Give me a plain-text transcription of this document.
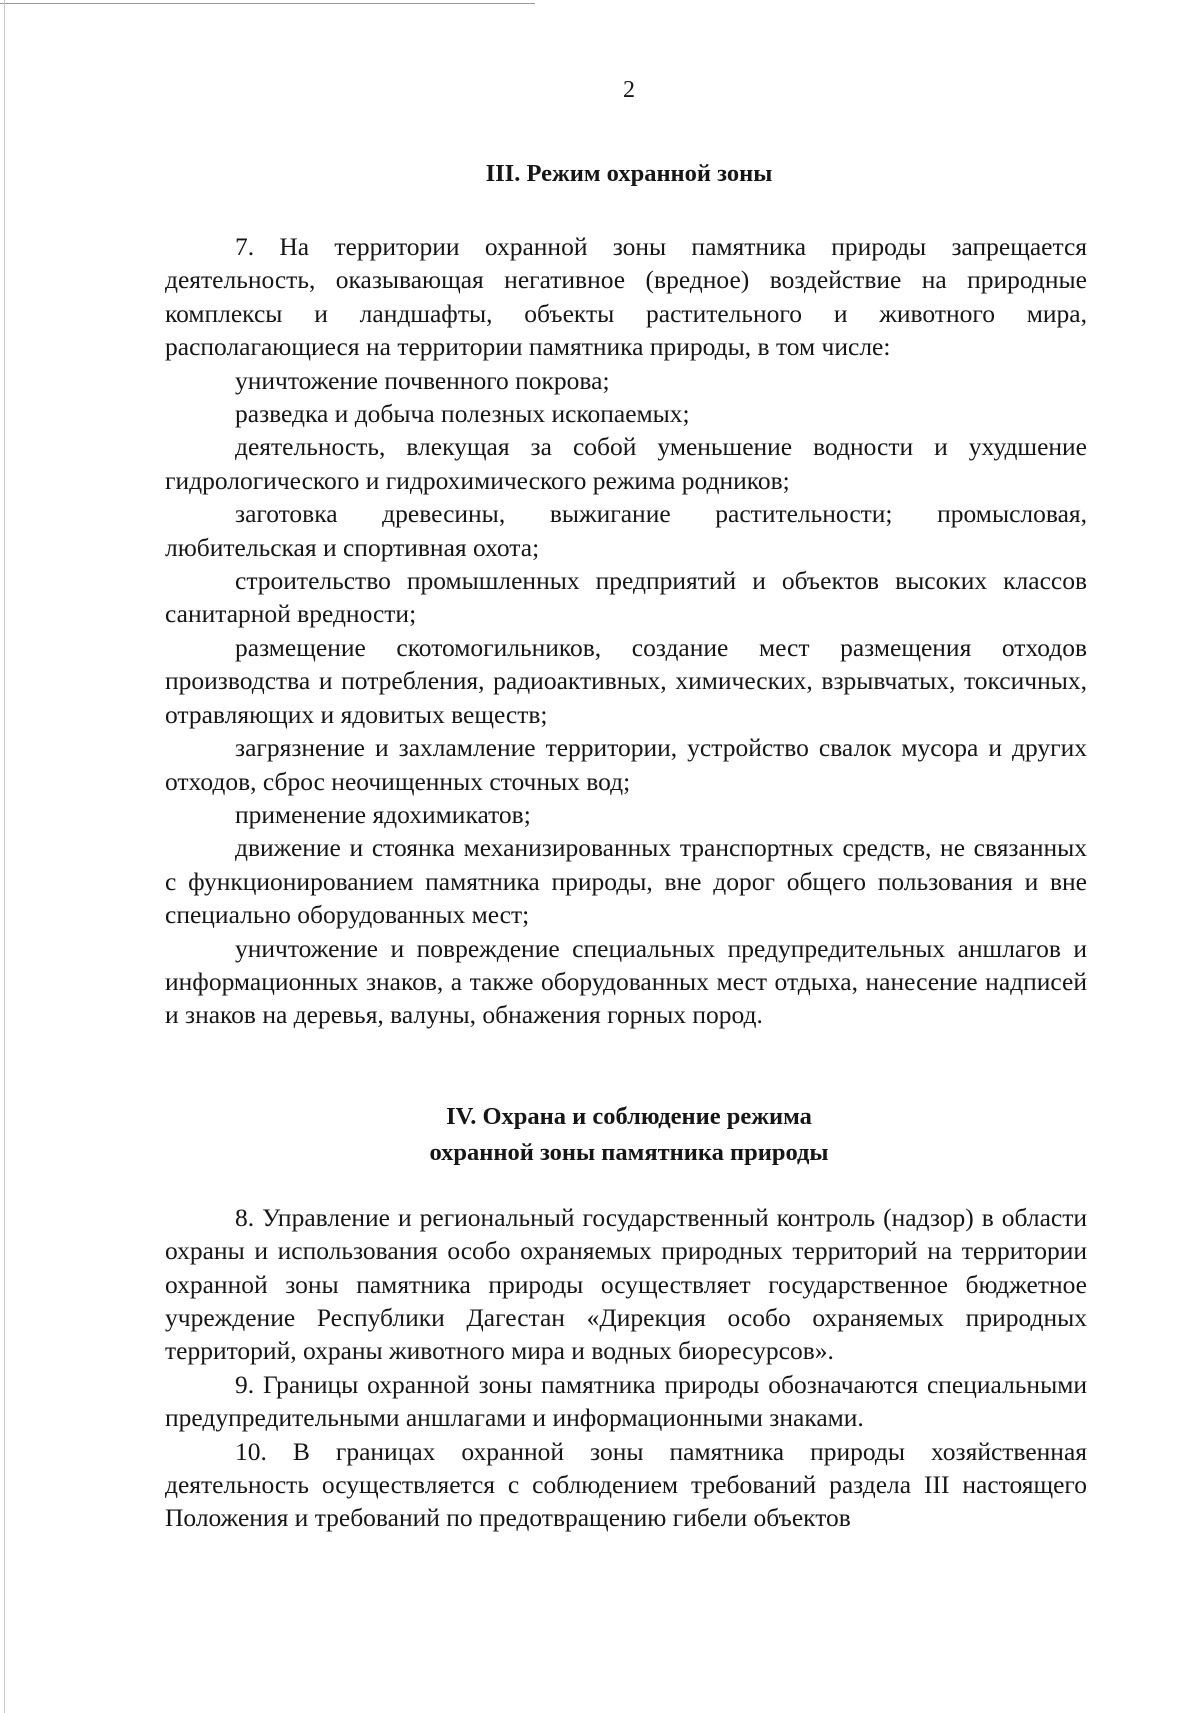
2
III. Режим охранной зоны

7. На территории охранной зоны памятника природы запрещается деятельность, оказывающая негативное (вредное) воздействие на природные комплексы и ландшафты, объекты растительного и животного мира, располагающиеся на территории памятника природы, в том числе:

уничтожение почвенного покрова;

разведка и добыча полезных ископаемых;

деятельность, влекущая за собой уменьшение водности и ухудшение гидрологического и гидрохимического режима родников;

заготовка древесины, выжигание растительности; промысловая, любительская и спортивная охота;

строительство промышленных предприятий и объектов высоких классов санитарной вредности;

размещение скотомогильников, создание мест размещения отходов производства и потребления, радиоактивных, химических, взрывчатых, токсичных, отравляющих и ядовитых веществ;

загрязнение и захламление территории, устройство свалок мусора и других отходов, сброс неочищенных сточных вод;

применение ядохимикатов;

движение и стоянка механизированных транспортных средств, не связанных с функционированием памятника природы, вне дорог общего пользования и вне специально оборудованных мест;

уничтожение и повреждение специальных предупредительных аншлагов и информационных знаков, а также оборудованных мест отдыха, нанесение надписей и знаков на деревья, валуны, обнажения горных пород.

IV. Охрана и соблюдение режима
охранной зоны памятника природы

8. Управление и региональный государственный контроль (надзор) в области охраны и использования особо охраняемых природных территорий на территории охранной зоны памятника природы осуществляет государственное бюджетное учреждение Республики Дагестан «Дирекция особо охраняемых природных территорий, охраны животного мира и водных биоресурсов».

9. Границы охранной зоны памятника природы обозначаются специальными предупредительными аншлагами и информационными знаками.

10. В границах охранной зоны памятника природы хозяйственная деятельность осуществляется с соблюдением требований раздела III настоящего Положения и требований по предотвращению гибели объектов
